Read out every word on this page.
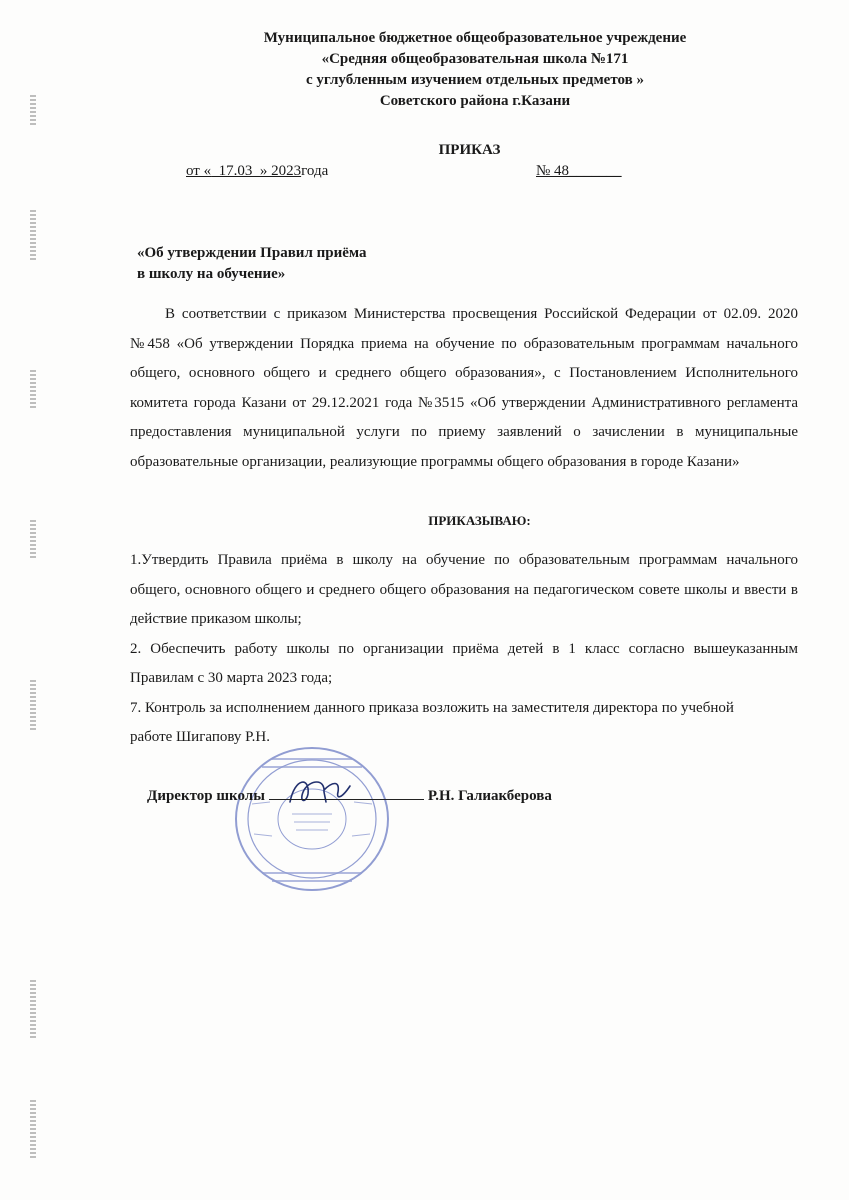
Муниципальное бюджетное общеобразовательное учреждение
«Средняя общеобразовательная школа №171
с углубленным изучением отдельных предметов »
Советского района г.Казани
ПРИКАЗ
от «  17.03  » 2023года	№ 48_______
«Об утверждении Правил приёма
в школу на обучение»
В соответствии с приказом Министерства просвещения Российской Федерации от 02.09. 2020 №458 «Об утверждении Порядка приема на обучение по образовательным программам начального общего, основного общего и среднего общего образования», с Постановлением Исполнительного комитета города Казани от 29.12.2021 года №3515 «Об утверждении Административного регламента предоставления муниципальной услуги по приему заявлений о зачислении в муниципальные образовательные организации, реализующие программы общего образования в городе Казани»
ПРИКАЗЫВАЮ:

1.Утвердить Правила приёма в школу на обучение по образовательным программам начального общего, основного общего и среднего общего образования на педагогическом совете школы и ввести в действие приказом школы;

2. Обеспечить работу школы по организации приёма детей в 1 класс согласно вышеуказанным Правилам с 30 марта 2023 года;

7. Контроль за исполнением данного приказа возложить на заместителя директора по учебной работе Шигапову Р.Н.

Директор школы	Р.Н. Галиакберова
